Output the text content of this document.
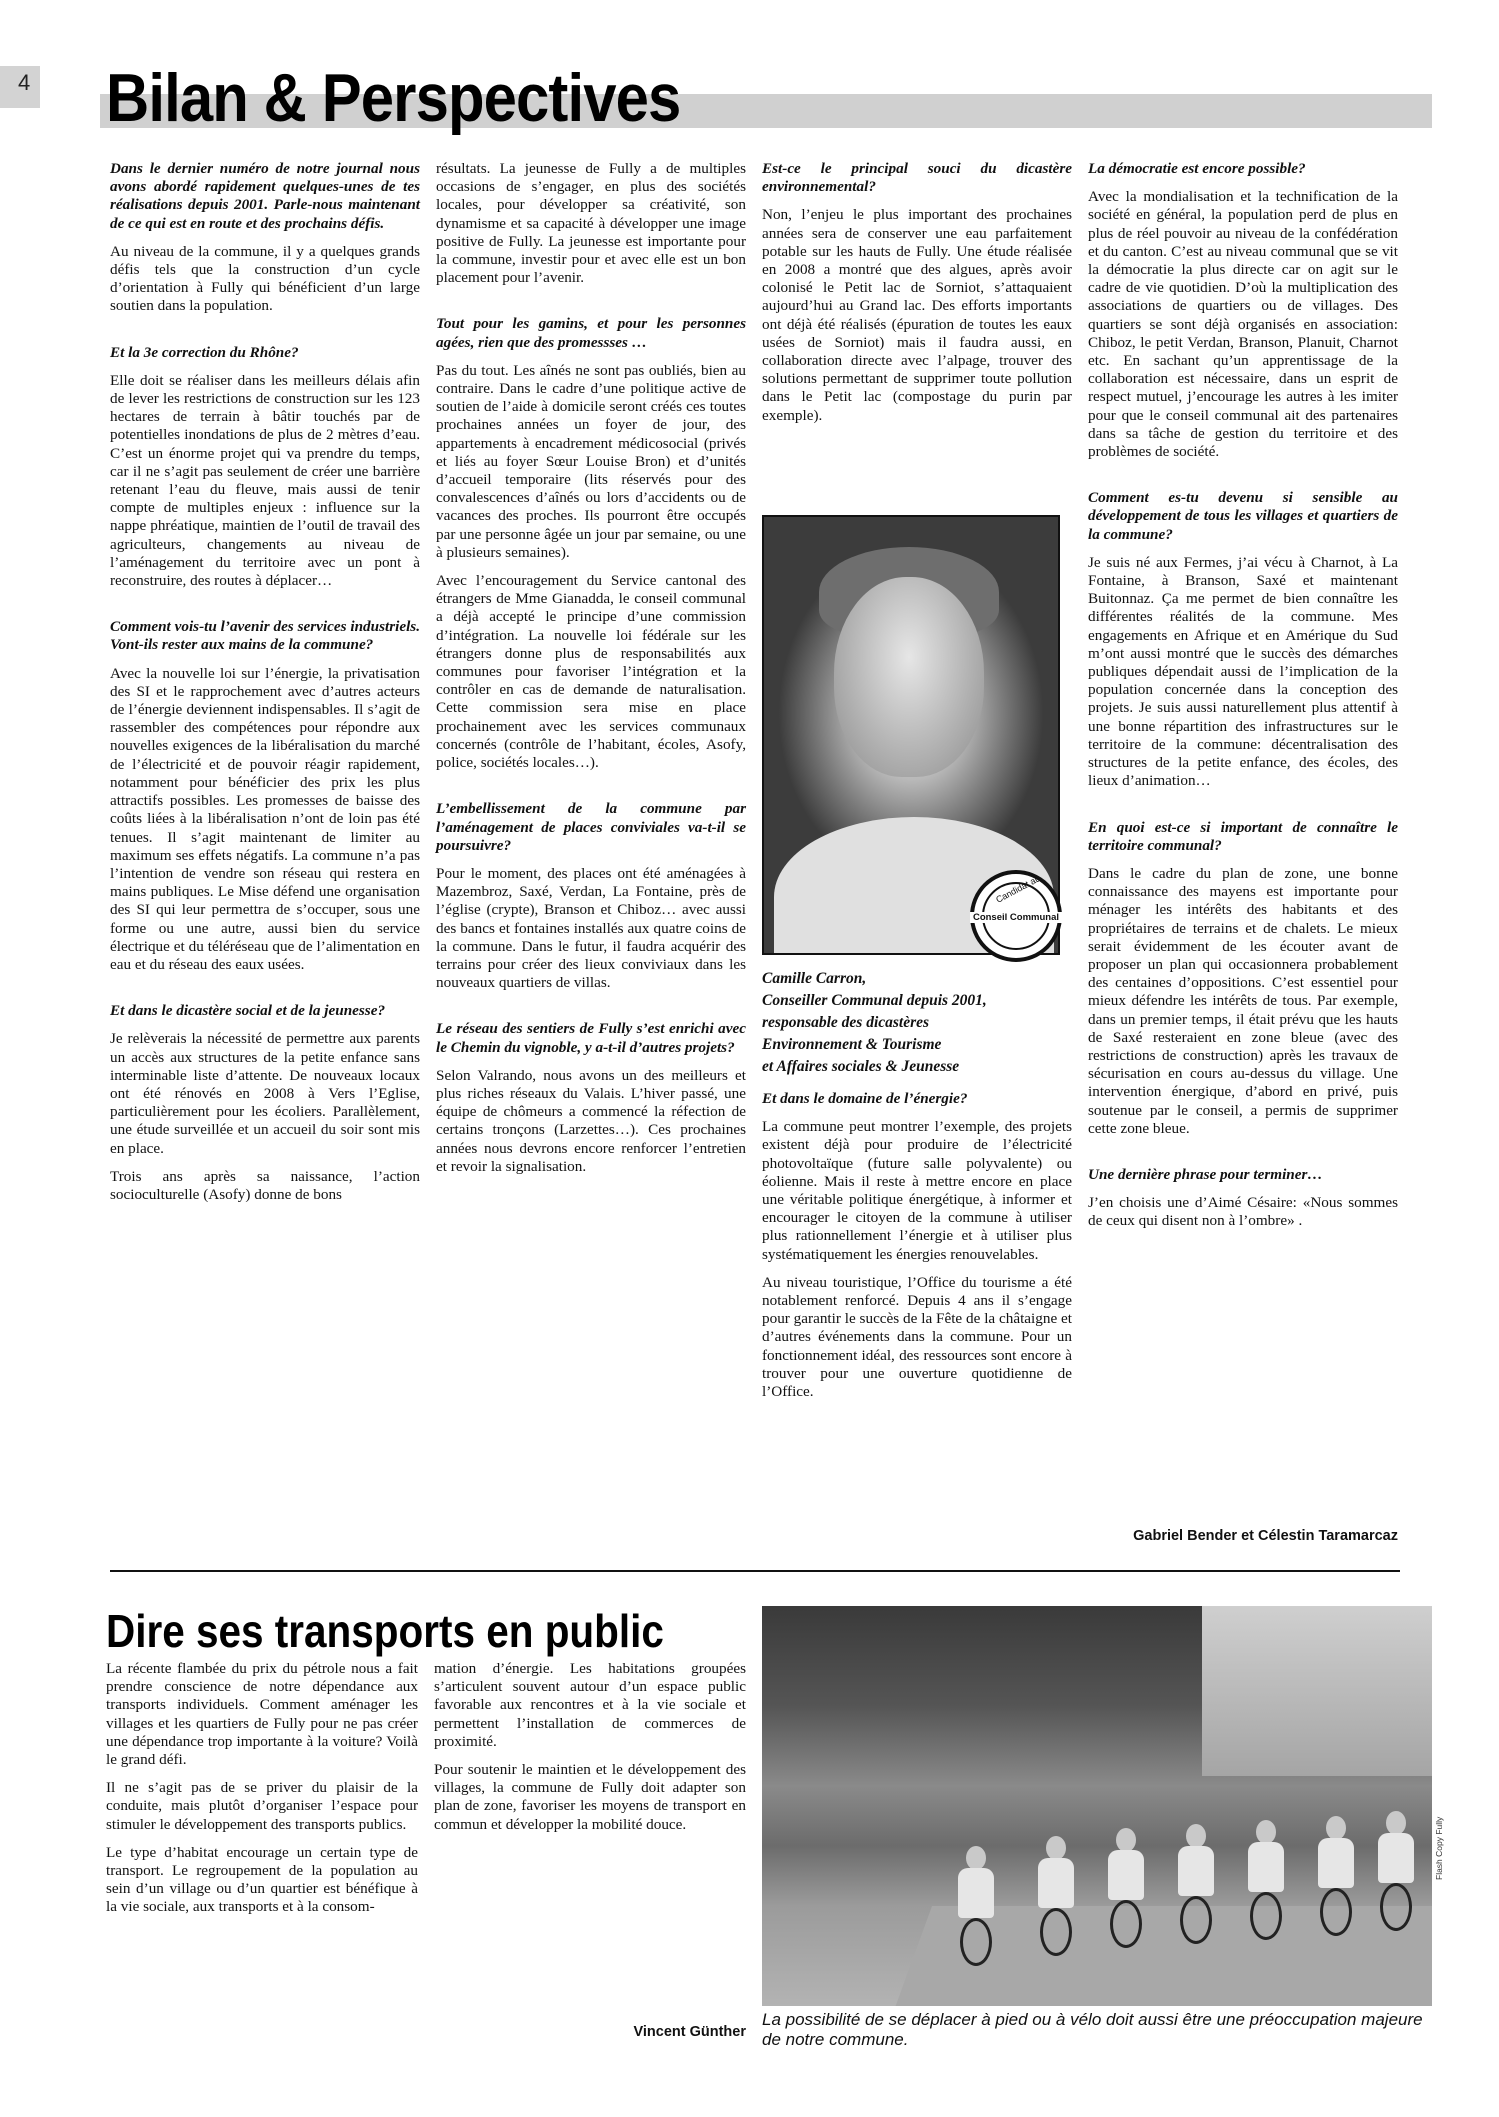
4 Bilan & Perspectives

Dans le dernier numéro de notre journal nous avons abordé rapidement quelques-unes de tes réalisations depuis 2001. Parle-nous maintenant de ce qui est en route et des prochains défis.

Au niveau de la commune, il y a quelques grands défis tels que la construction d’un cycle d’orientation à Fully qui bénéficient d’un large soutien dans la population.

Et la 3e correction du Rhône?

Elle doit se réaliser dans les meilleurs délais afin de lever les restrictions de construction sur les 123 hectares de terrain à bâtir touchés par de potentielles inondations de plus de 2 mètres d’eau. C’est un énorme projet qui va prendre du temps, car il ne s’agit pas seulement de créer une barrière retenant l’eau du fleuve, mais aussi de tenir compte de multiples enjeux : influence sur la nappe phréatique, maintien de l’outil de travail des agriculteurs, changements au niveau de l’aménagement du territoire avec un pont à reconstruire, des routes à déplacer…

Comment vois-tu l’avenir des services industriels. Vont-ils rester aux mains de la commune?

Avec la nouvelle loi sur l’énergie, la privatisation des SI et le rapprochement avec d’autres acteurs de l’énergie deviennent indispensables. Il s’agit de rassembler des compétences pour répondre aux nouvelles exigences de la libéralisation du marché de l’électricité et de pouvoir réagir rapidement, notamment pour bénéficier des prix les plus attractifs possibles. Les promesses de baisse des coûts liées à la libéralisation n’ont de loin pas été tenues. Il s’agit maintenant de limiter au maximum ses effets négatifs. La commune n’a pas l’intention de vendre son réseau qui restera en mains publiques. Le Mise défend une organisation des SI qui leur permettra de s’occuper, sous une forme ou une autre, aussi bien du service électrique et du téléréseau que de l’alimentation en eau et du réseau des eaux usées.

Et dans le dicastère social et de la jeunesse?

Je relèverais la nécessité de permettre aux parents un accès aux structures de la petite enfance sans interminable liste d’attente. De nouveaux locaux ont été rénovés en 2008 à Vers l’Eglise, particulièrement pour les écoliers. Parallèlement, une étude surveillée et un accueil du soir sont mis en place.

Trois ans après sa naissance, l’action socioculturelle (Asofy) donne de bons

résultats. La jeunesse de Fully a de multiples occasions de s’engager, en plus des sociétés locales, pour développer sa créativité, son dynamisme et sa capacité à développer une image positive de Fully. La jeunesse est importante pour la commune, investir pour et avec elle est un bon placement pour l’avenir.

Tout pour les gamins, et pour les personnes agées, rien que des promessses …

Pas du tout. Les aînés ne sont pas oubliés, bien au contraire. Dans le cadre d’une politique active de soutien de l’aide à domicile seront créés ces toutes prochaines années un foyer de jour, des appartements à encadrement médicosocial (privés et liés au foyer Sœur Louise Bron) et d’unités d’accueil temporaire (lits réservés pour des convalescences d’aînés ou lors d’accidents ou de vacances des proches. Ils pourront être occupés par une personne âgée un jour par semaine, ou une à plusieurs semaines).

Avec l’encouragement du Service cantonal des étrangers de Mme Gianadda, le conseil communal a déjà accepté le principe d’une commission d’intégration. La nouvelle loi fédérale sur les étrangers donne plus de responsabilités aux communes pour favoriser l’intégration et la contrôler en cas de demande de naturalisation. Cette commission sera mise en place prochainement avec les services communaux concernés (contrôle de l’habitant, écoles, Asofy, police, sociétés locales…).

L’embellissement de la commune par l’aménagement de places conviviales va-t-il se poursuivre?

Pour le moment, des places ont été aménagées à Mazembroz, Saxé, Verdan, La Fontaine, près de l’église (crypte), Branson et Chiboz… avec aussi des bancs et fontaines installés aux quatre coins de la commune. Dans le futur, il faudra acquérir des terrains pour créer des lieux conviviaux dans les nouveaux quartiers de villas.

Le réseau des sentiers de Fully s’est enrichi avec le Chemin du vignoble, y a-t-il d’autres projets?

Selon Valrando, nous avons un des meilleurs et plus riches réseaux du Valais. L’hiver passé, une équipe de chômeurs a commencé la réfection de certains tronçons (Larzettes…). Ces prochaines années nous devrons encore renforcer l’entretien et revoir la signalisation.

Est-ce le principal souci du dicastère environnemental?

Non, l’enjeu le plus important des prochaines années sera de conserver une eau parfaitement potable sur les hauts de Fully. Une étude réalisée en 2008 a montré que des algues, après avoir colonisé le Petit lac de Sorniot, s’attaquaient aujourd’hui au Grand lac. Des efforts importants ont déjà été réalisés (épuration de toutes les eaux usées de Sorniot) mais il faudra aussi, en collaboration directe avec l’alpage, trouver des solutions permettant de supprimer toute pollution dans le Petit lac (compostage du purin par exemple).

Candidat au
Conseil Communal
Camille Carron,
Conseiller Communal depuis 2001,
responsable des dicastères
Environnement & Tourisme
et Affaires sociales & Jeunesse

Et dans le domaine de l’énergie?

La commune peut montrer l’exemple, des projets existent déjà pour produire de l’électricité photovoltaïque (future salle polyvalente) ou éolienne. Mais il reste à mettre encore en place une véritable politique énergétique, à informer et encourager le citoyen de la commune à utiliser plus rationnellement l’énergie et à utiliser plus systématiquement les énergies renouvelables.

Au niveau touristique, l’Office du tourisme a été notablement renforcé. Depuis 4 ans il s’engage pour garantir le succès de la Fête de la châtaigne et d’autres événements dans la commune. Pour un fonctionnement idéal, des ressources sont encore à trouver pour une ouverture quotidienne de l’Office.

La démocratie est encore possible?

Avec la mondialisation et la technification de la société en général, la population perd de plus en plus de réel pouvoir au niveau de la confédération et du canton. C’est au niveau communal que se vit la démocratie la plus directe car on agit sur le cadre de vie quotidien. D’où la multiplication des associations de quartiers ou de villages. Des quartiers se sont déjà organisés en association: Chiboz, le petit Verdan, Branson, Planuit, Charnot etc. En sachant qu’un apprentissage de la collaboration est nécessaire, dans un esprit de respect mutuel, j’encourage les autres à les imiter pour que le conseil communal ait des partenaires dans sa tâche de gestion du territoire et des problèmes de société.

Comment es-tu devenu si sensible au développement de tous les villages et quartiers de la commune?

Je suis né aux Fermes, j’ai vécu à Charnot, à La Fontaine, à Branson, Saxé et maintenant Buitonnaz. Ça me permet de bien connaître les différentes réalités de la commune. Mes engagements en Afrique et en Amérique du Sud m’ont aussi montré que le succès des démarches publiques dépendait aussi de l’implication de la population concernée dans la conception des projets. Je suis aussi naturellement plus attentif à une bonne répartition des infrastructures sur le territoire de la commune: décentralisation des structures de la petite enfance, des écoles, des lieux d’animation…

En quoi est-ce si important de connaître le territoire communal?

Dans le cadre du plan de zone, une bonne connaissance des mayens est importante pour ménager les intérêts des habitants et des propriétaires de terrains et de chalets. Le mieux serait évidemment de les écouter avant de proposer un plan qui occasionnera probablement des centaines d’oppositions. C’est essentiel pour mieux défendre les intérêts de tous. Par exemple, dans un premier temps, il était prévu que les hauts de Saxé resteraient en zone bleue (avec des restrictions de construction) après les travaux de sécurisation en cours au-dessus du village. Une intervention énergique, d’abord en privé, puis soutenue par le conseil, a permis de supprimer cette zone bleue.

Une dernière phrase pour terminer…

J’en choisis une d’Aimé Césaire: «Nous sommes de ceux qui disent non à l’ombre» .

Gabriel Bender et Célestin Taramarcaz
Dire ses transports en public

La récente flambée du prix du pétrole nous a fait prendre conscience de notre dépendance aux transports individuels. Comment aménager les villages et les quartiers de Fully pour ne pas créer une dépendance trop importante à la voiture? Voilà le grand défi.

Il ne s’agit pas de se priver du plaisir de la conduite, mais plutôt d’organiser l’espace pour stimuler le développement des transports publics.

Le type d’habitat encourage un certain type de transport. Le regroupement de la population au sein d’un village ou d’un quartier est bénéfique à la vie sociale, aux transports et à la consom-

mation d’énergie. Les habitations groupées s’articulent souvent autour d’un espace public favorable aux rencontres et à la vie sociale et permettent l’installation de commerces de proximité.

Pour soutenir le maintien et le développement des villages, la commune de Fully doit adapter son plan de zone, favoriser les moyens de transport en commun et développer la mobilité douce.

Vincent Günther
Flash Copy Fully
La possibilité de se déplacer à pied ou à vélo doit aussi être une préoccupation majeure de notre commune.
